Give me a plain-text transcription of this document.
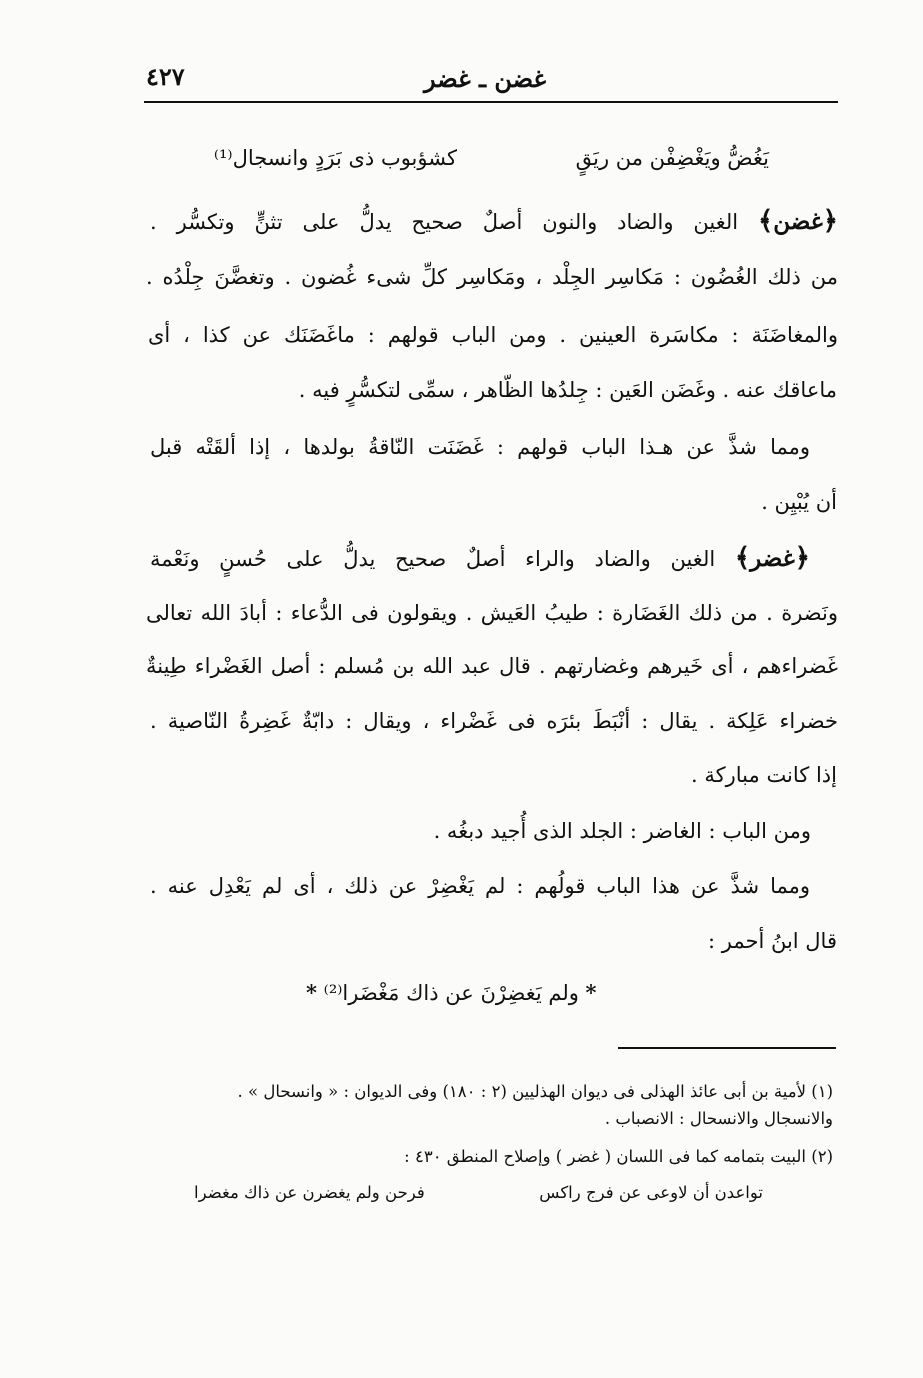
غضن ـ غضر
٤٢٧
يَغُضُّ ويَغْضِفْن من ريَقٍ
كشؤبوب ذى بَرَدٍ وانسجال⁽¹⁾
﴿غضن﴾ الغين والضاد والنون أصلٌ صحيح يدلُّ على تثنٍّ وتكسُّر .
من ذلك الغُضُون : مَكاسِر الجِلْد ، ومَكاسِر كلِّ شىء غُضون . وتغضَّنَ جِلْدُه .
والمغاضَنَة : مكاسَرة العينين . ومن الباب قولهم : ماغَضَنَك عن كذا ، أى
ماعاقك عنه . وغَضَن العَين : جِلدُها الظّاهر ، سمِّى لتكسُّرٍ فيه .
ومما شذَّ عن هـذا الباب قولهم : غَضَنَت النّاقةُ بولدها ، إذا ألقَتْه قبل
أن يُبْيِن .
﴿غضر﴾ الغين والضاد والراء أصلٌ صحيح يدلُّ على حُسنٍ ونَعْمة
ونَضرة . من ذلك الغَضَارة : طيبُ العَيش . ويقولون فى الدُّعاء : أبادَ الله تعالى
غَضراءهم ، أى خَيرهم وغضارتهم . قال عبد الله بن مُسلم : أصل الغَضْراء طِينةٌ
خضراء عَلِكة . يقال : أنْبَطَ بئرَه فى غَضْراء ، ويقال : دابّةٌ غَضِرةُ النّاصية .
إذا كانت مباركة .
ومن الباب : الغاضر : الجلد الذى أُجيد دبغُه .
ومما شذَّ عن هذا الباب قولُهم : لم يَغْضِرْ عن ذلك ، أى لم يَعْدِل عنه .
قال ابنُ أحمر :
* ولم يَغضِرْنَ عن ذاك مَغْضَرا⁽²⁾ *
(١) لأمية بن أبى عائذ الهذلى فى ديوان الهذليين (٢ : ١٨٠) وفى الديوان : « وانسحال » .
والانسجال والانسحال : الانصباب .
(٢) البيت بتمامه كما فى اللسان ( غضر ) وإصلاح المنطق ٤٣٠ :
تواعدن أن لاوعى عن فرج راكس
فرحن ولم يغضرن عن ذاك مغضرا
